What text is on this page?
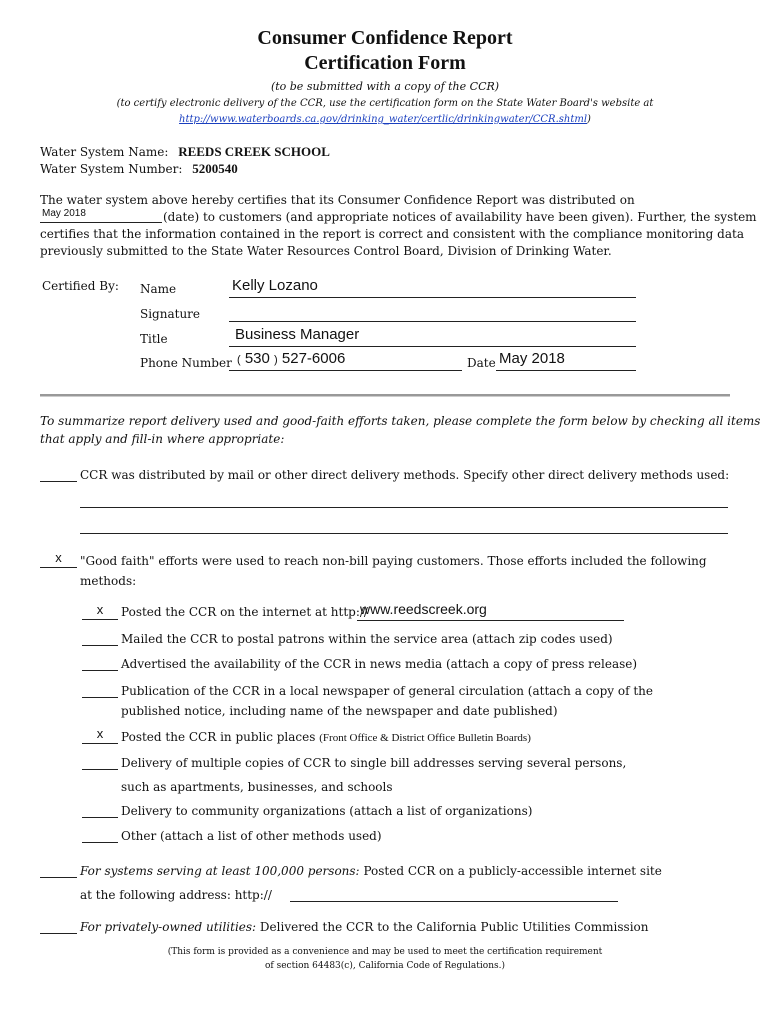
Consumer Confidence Report
Certification Form
(to be submitted with a copy of the CCR)
(to certify electronic delivery of the CCR, use the certification form on the State Water Board's website at
http://www.waterboards.ca.gov/drinking_water/certlic/drinkingwater/CCR.shtml)
Water System Name: REEDS CREEK SCHOOL
Water System Number: 5200540
The water system above hereby certifies that its Consumer Confidence Report was distributed on
May 2018	(date) to customers (and appropriate notices of availability have been given). Further, the system
certifies that the information contained in the report is correct and consistent with the compliance monitoring data
previously submitted to the State Water Resources Control Board, Division of Drinking Water.
Certified By: Name	Kelly Lozano
Signature
Title	Business Manager
Phone Number ( 530 ) 527-6006	Date May 2018
To summarize report delivery used and good-faith efforts taken, please complete the form below by checking all items
that apply and fill-in where appropriate:
CCR was distributed by mail or other direct delivery methods. Specify other direct delivery methods used:
x	"Good faith" efforts were used to reach non-bill paying customers. Those efforts included the following
methods:
x	Posted the CCR on the internet at http://
www.reedscreek.org
Mailed the CCR to postal patrons within the service area (attach zip codes used)
Advertised the availability of the CCR in news media (attach a copy of press release)
Publication of the CCR in a local newspaper of general circulation (attach a copy of the
published notice, including name of the newspaper and date published)
x	Posted the CCR in public places (Front Office & District Office Bulletin Boards)
Delivery of multiple copies of CCR to single bill addresses serving several persons,
such as apartments, businesses, and schools
Delivery to community organizations (attach a list of organizations)
Other (attach a list of other methods used)
For systems serving at least 100,000 persons: Posted CCR on a publicly-accessible internet site
at the following address: http://
For privately-owned utilities: Delivered the CCR to the California Public Utilities Commission
(This form is provided as a convenience and may be used to meet the certification requirement
of section 64483(c), California Code of Regulations.)
